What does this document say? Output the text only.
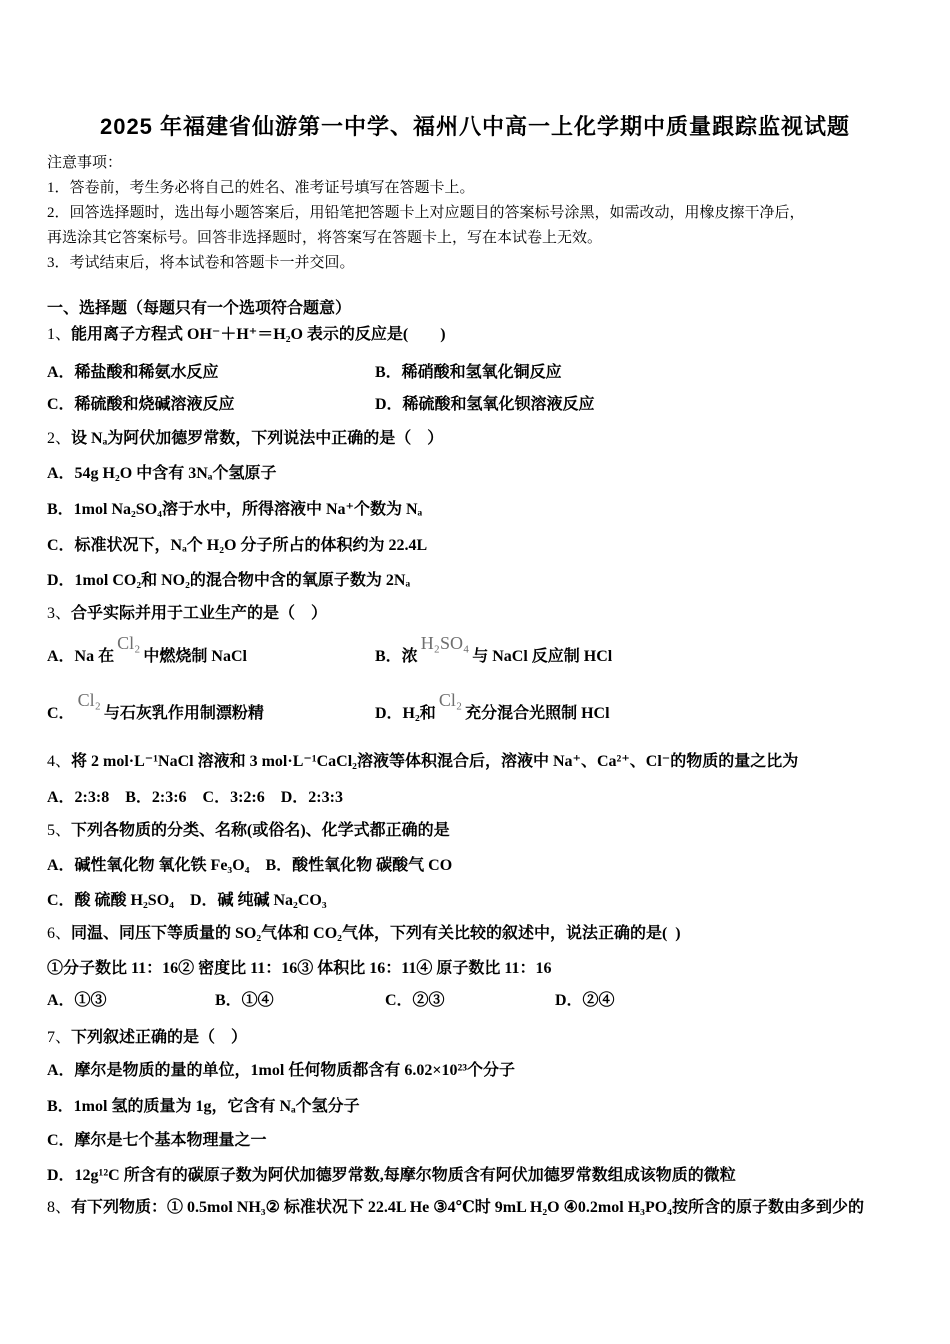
2025 年福建省仙游第一中学、福州八中高一上化学期中质量跟踪监视试题
注意事项：
1．答卷前，考生务必将自己的姓名、准考证号填写在答题卡上。
2．回答选择题时，选出每小题答案后，用铅笔把答题卡上对应题目的答案标号涂黑，如需改动，用橡皮擦干净后，
再选涂其它答案标号。回答非选择题时，将答案写在答题卡上，写在本试卷上无效。
3．考试结束后，将本试卷和答题卡一并交回。
一、选择题（每题只有一个选项符合题意）
1、能用离子方程式 OH⁻＋H⁺＝H₂O 表示的反应是(　　)
A．稀盐酸和稀氨水反应	B．稀硝酸和氢氧化铜反应
C．稀硫酸和烧碱溶液反应	D．稀硫酸和氢氧化钡溶液反应
2、设 Nₐ为阿伏加德罗常数，下列说法中正确的是（　）
A．54g H₂O 中含有 3Nₐ个氢原子
B．1mol Na₂SO₄溶于水中，所得溶液中 Na⁺个数为 Nₐ
C．标准状况下，Nₐ个 H₂O 分子所占的体积约为 22.4L
D．1mol CO₂和 NO₂的混合物中含的氧原子数为 2Nₐ
3、合乎实际并用于工业生产的是（　）
A．Na 在Cl₂中燃烧制 NaCl	B．浓H₂SO₄与 NaCl 反应制 HCl
C．Cl₂与石灰乳作用制漂粉精	D．H₂和Cl₂充分混合光照制 HCl
4、将 2 mol·L⁻¹NaCl 溶液和 3 mol·L⁻¹CaCl₂溶液等体积混合后，溶液中 Na⁺、Ca²⁺、Cl⁻的物质的量之比为
A．2:3:8　B．2:3:6　C．3:2:6　D．2:3:3
5、下列各物质的分类、名称(或俗名)、化学式都正确的是
A．碱性氧化物 氧化铁 Fe₃O₄　B．酸性氧化物 碳酸气 CO
C．酸 硫酸 H₂SO₄　D．碱 纯碱 Na₂CO₃
6、同温、同压下等质量的 SO₂气体和 CO₂气体，下列有关比较的叙述中，说法正确的是(  )
①分子数比 11：16② 密度比 11：16③ 体积比 16：11④ 原子数比 11：16
A．①③	B．①④	C．②③	D．②④
7、下列叙述正确的是（　）
A．摩尔是物质的量的单位，1mol 任何物质都含有 6.02×10²³个分子
B．1mol 氢的质量为 1g，它含有 Nₐ个氢分子
C．摩尔是七个基本物理量之一
D．12g¹²C 所含有的碳原子数为阿伏加德罗常数,每摩尔物质含有阿伏加德罗常数组成该物质的微粒
8、有下列物质：① 0.5mol NH₃② 标准状况下 22.4L He ③4℃时 9mL H₂O ④0.2mol H₃PO₄按所含的原子数由多到少的
